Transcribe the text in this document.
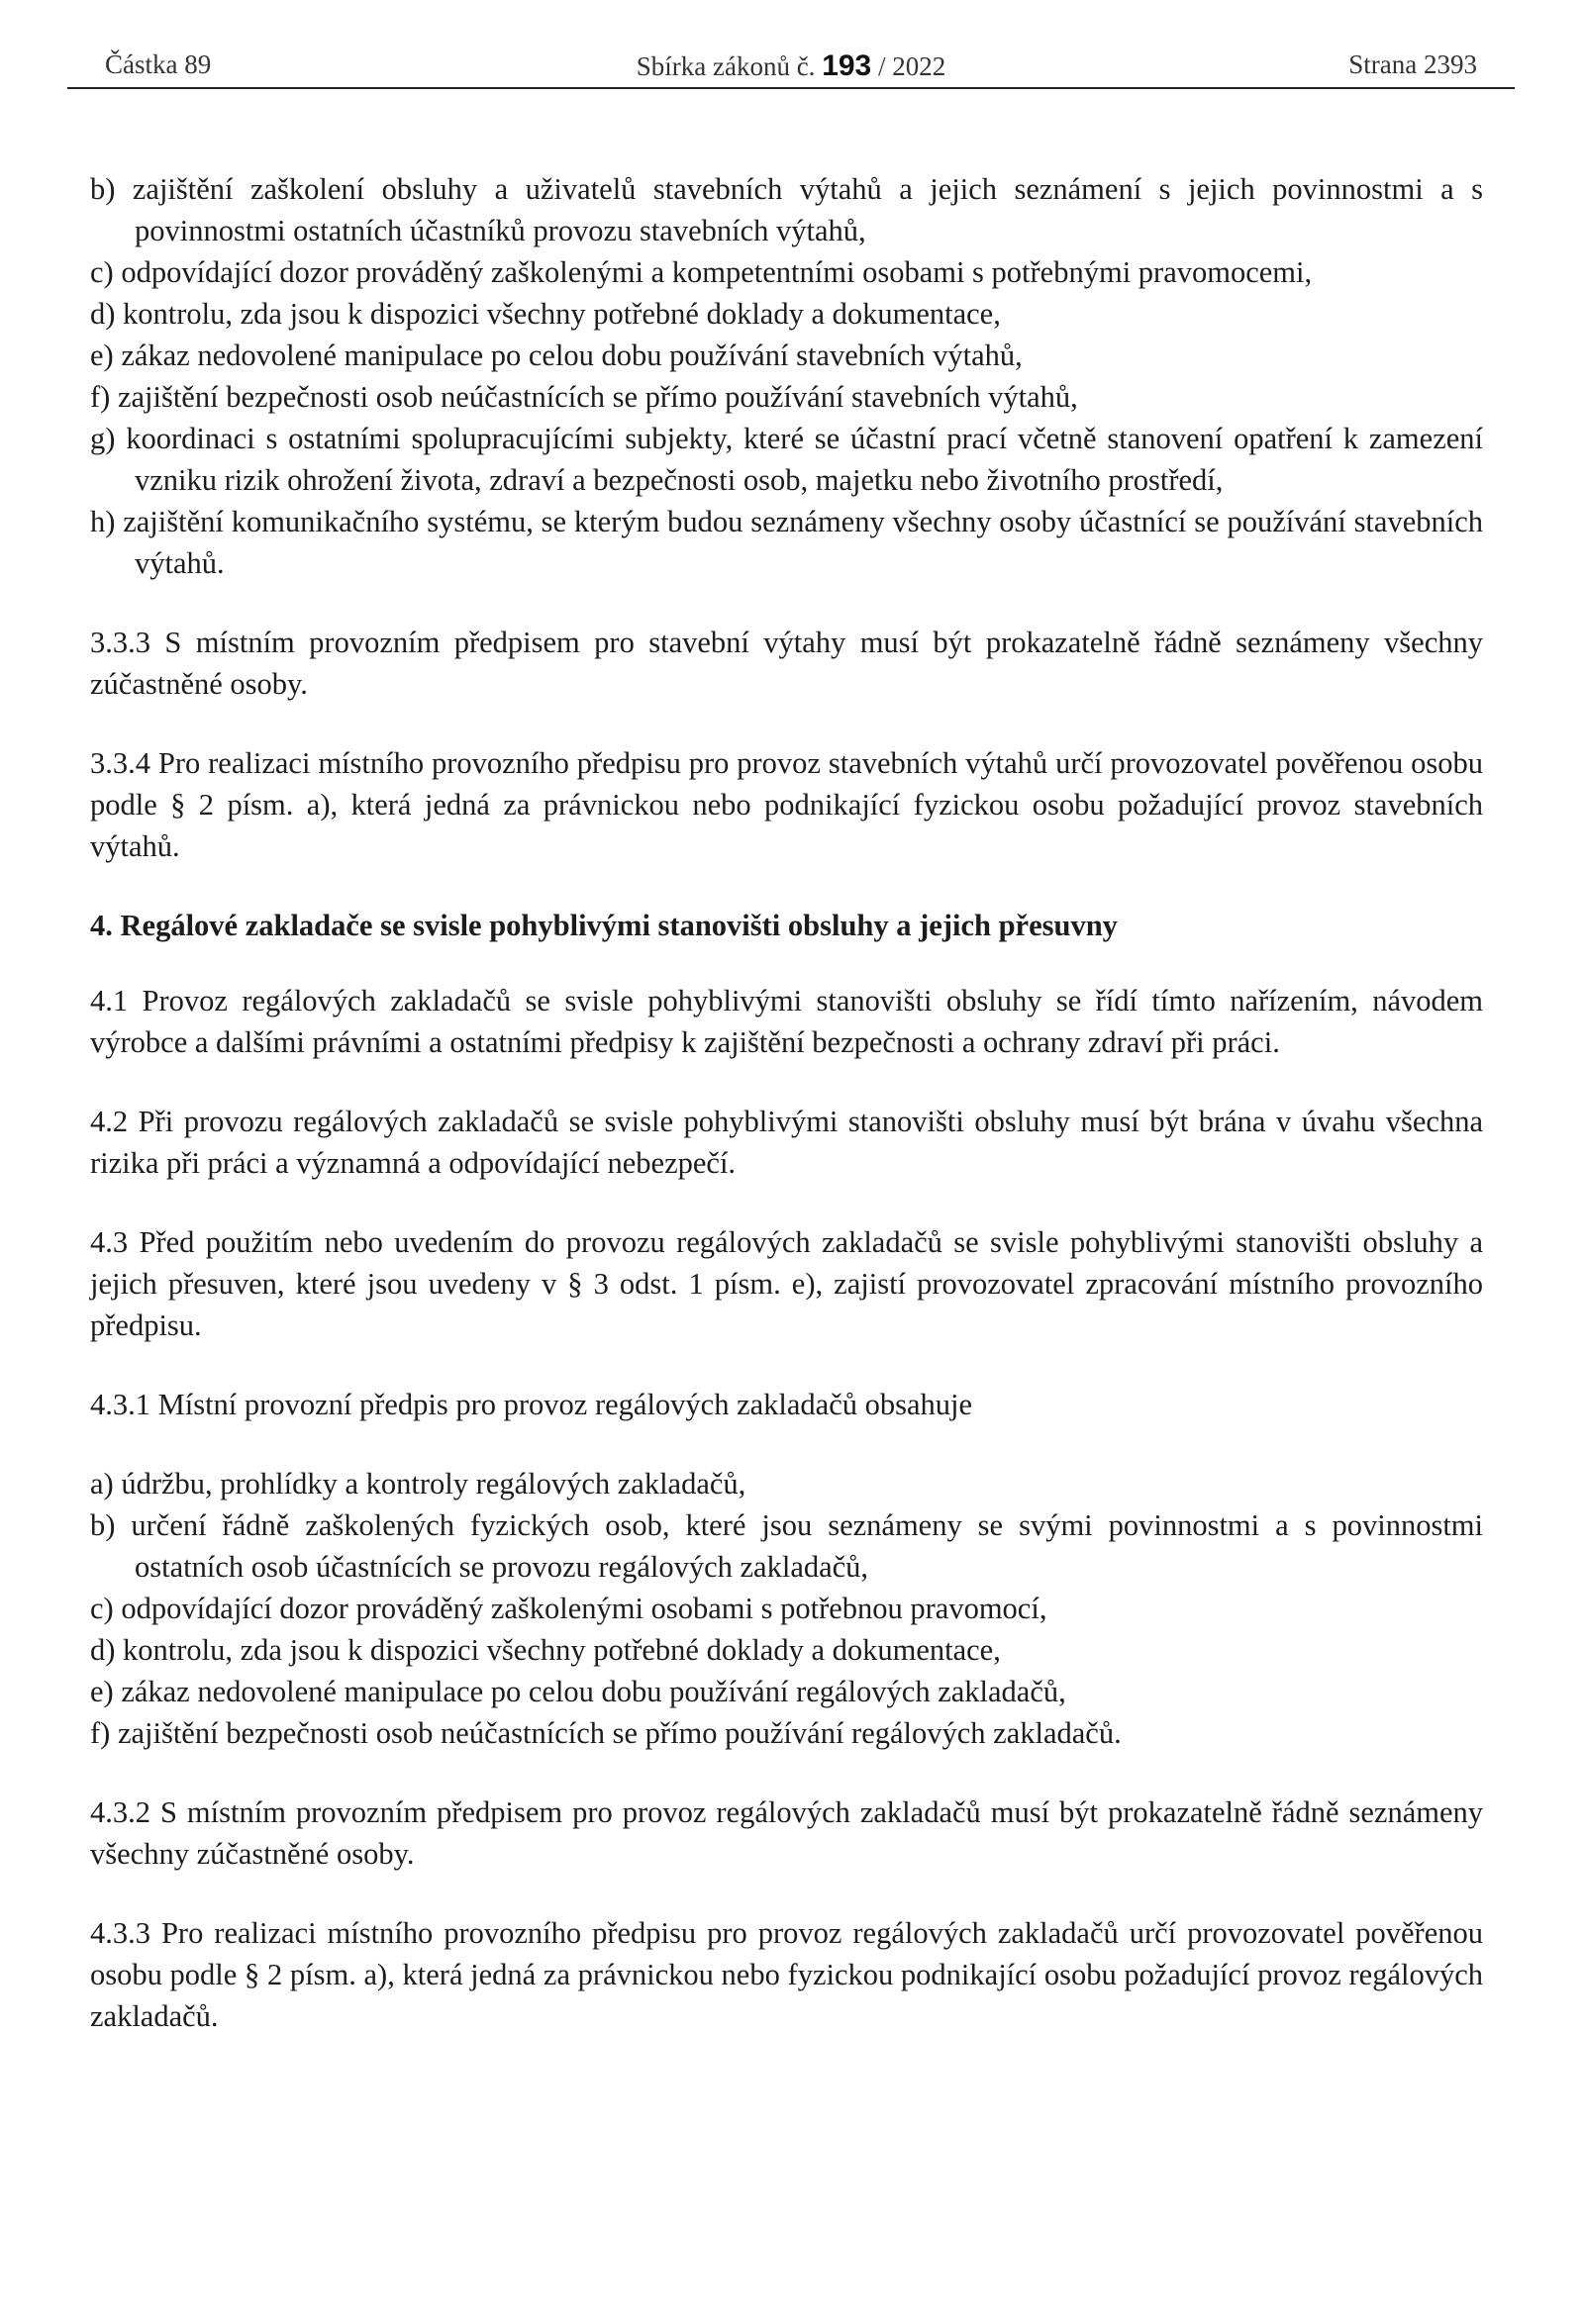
Částka 89	Sbírka zákonů č. 193 / 2022	Strana 2393

b) zajištění zaškolení obsluhy a uživatelů stavebních výtahů a jejich seznámení s jejich povinnostmi a s povinnostmi ostatních účastníků provozu stavebních výtahů,

c) odpovídající dozor prováděný zaškolenými a kompetentními osobami s potřebnými pravomocemi,

d) kontrolu, zda jsou k dispozici všechny potřebné doklady a dokumentace,

e) zákaz nedovolené manipulace po celou dobu používání stavebních výtahů,

f) zajištění bezpečnosti osob neúčastnících se přímo používání stavebních výtahů,

g) koordinaci s ostatními spolupracujícími subjekty, které se účastní prací včetně stanovení opatření k zamezení vzniku rizik ohrožení života, zdraví a bezpečnosti osob, majetku nebo životního prostředí,

h) zajištění komunikačního systému, se kterým budou seznámeny všechny osoby účastnící se používání stavebních výtahů.

3.3.3 S místním provozním předpisem pro stavební výtahy musí být prokazatelně řádně seznámeny všechny zúčastněné osoby.

3.3.4 Pro realizaci místního provozního předpisu pro provoz stavebních výtahů určí provozovatel pověřenou osobu podle § 2 písm. a), která jedná za právnickou nebo podnikající fyzickou osobu požadující provoz stavebních výtahů.

4. Regálové zakladače se svisle pohyblivými stanovišti obsluhy a jejich přesuvny

4.1 Provoz regálových zakladačů se svisle pohyblivými stanovišti obsluhy se řídí tímto nařízením, návodem výrobce a dalšími právními a ostatními předpisy k zajištění bezpečnosti a ochrany zdraví při práci.

4.2 Při provozu regálových zakladačů se svisle pohyblivými stanovišti obsluhy musí být brána v úvahu všechna rizika při práci a významná a odpovídající nebezpečí.

4.3 Před použitím nebo uvedením do provozu regálových zakladačů se svisle pohyblivými stanovišti obsluhy a jejich přesuven, které jsou uvedeny v § 3 odst. 1 písm. e), zajistí provozovatel zpracování místního provozního předpisu.

4.3.1 Místní provozní předpis pro provoz regálových zakladačů obsahuje

a) údržbu, prohlídky a kontroly regálových zakladačů,

b) určení řádně zaškolených fyzických osob, které jsou seznámeny se svými povinnostmi a s povinnostmi ostatních osob účastnících se provozu regálových zakladačů,

c) odpovídající dozor prováděný zaškolenými osobami s potřebnou pravomocí,

d) kontrolu, zda jsou k dispozici všechny potřebné doklady a dokumentace,

e) zákaz nedovolené manipulace po celou dobu používání regálových zakladačů,

f) zajištění bezpečnosti osob neúčastnících se přímo používání regálových zakladačů.

4.3.2 S místním provozním předpisem pro provoz regálových zakladačů musí být prokazatelně řádně seznámeny všechny zúčastněné osoby.

4.3.3 Pro realizaci místního provozního předpisu pro provoz regálových zakladačů určí provozovatel pověřenou osobu podle § 2 písm. a), která jedná za právnickou nebo fyzickou podnikající osobu požadující provoz regálových zakladačů.
